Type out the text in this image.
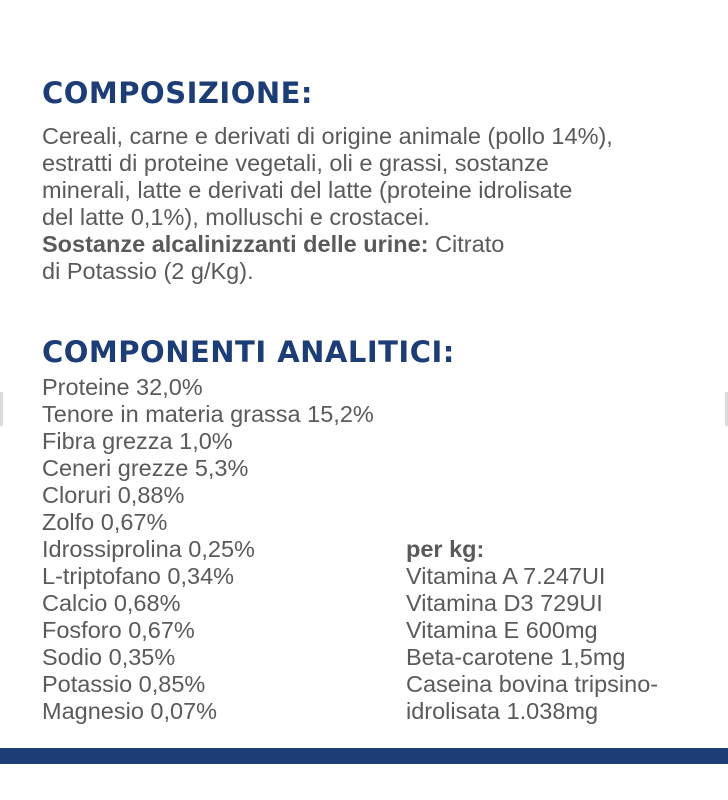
COMPOSIZIONE:
Cereali, carne e derivati di origine animale (pollo 14%),
estratti di proteine vegetali, oli e grassi, sostanze
minerali, latte e derivati del latte (proteine idrolisate
del latte 0,1%), molluschi e crostacei.
Sostanze alcalinizzanti delle urine: Citrato
di Potassio (2 g/Kg).
COMPONENTI ANALITICI:
Proteine 32,0%
Tenore in materia grassa 15,2%
Fibra grezza 1,0%
Ceneri grezze 5,3%
Cloruri 0,88%
Zolfo 0,67%
Idrossiprolina 0,25%
L-triptofano 0,34%
Calcio 0,68%
Fosforo 0,67%
Sodio 0,35%
Potassio 0,85%
Magnesio 0,07%
per kg:
Vitamina A 7.247UI
Vitamina D3 729UI
Vitamina E 600mg
Beta-carotene 1,5mg
Caseina bovina tripsino-
idrolisata 1.038mg
